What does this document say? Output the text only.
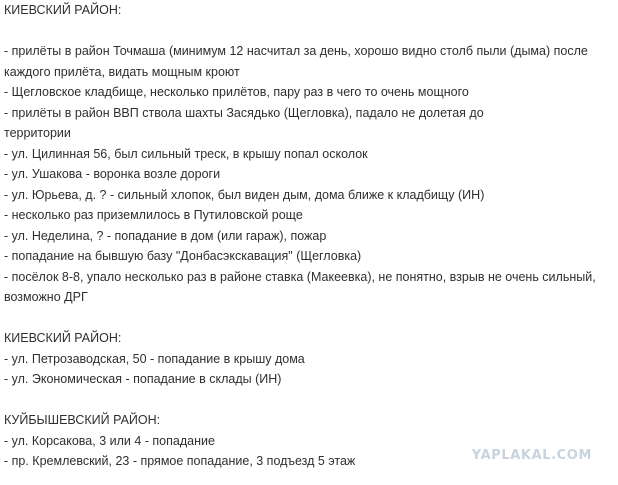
КИЕВСКИЙ РАЙОН:
- прилёты в район Точмаша (минимум 12 насчитал за день, хорошо видно столб пыли (дыма) после
каждого прилёта, видать мощным кроют
- Щегловское кладбище, несколько прилётов, пару раз в чего то очень мощного
- прилёты в район ВВП ствола шахты Засядько (Щегловка), падало не долетая до
территории
- ул. Цилинная 56, был сильный треск, в крышу попал осколок
- ул. Ушакова - воронка возле дороги
- ул. Юрьева, д. ? - сильный хлопок, был виден дым, дома ближе к кладбищу (ИН)
- несколько раз приземлилось в Путиловской роще
- ул. Неделина, ? - попадание в дом (или гараж), пожар
- попадание на бывшую базу "Донбасэкскавация" (Щегловка)
- посёлок 8-8, упало несколько раз в районе ставка (Макеевка), не понятно, взрыв не очень сильный,
возможно ДРГ
КИЕВСКИЙ РАЙОН:
- ул. Петрозаводская, 50 - попадание в крышу дома
- ул. Экономическая - попадание в склады (ИН)
КУЙБЫШЕВСКИЙ РАЙОН:
- ул. Корсакова, 3 или 4 - попадание
- пр. Кремлевский, 23 - прямое попадание, 3 подъезд 5 этаж	YAPLAKAL.COM
